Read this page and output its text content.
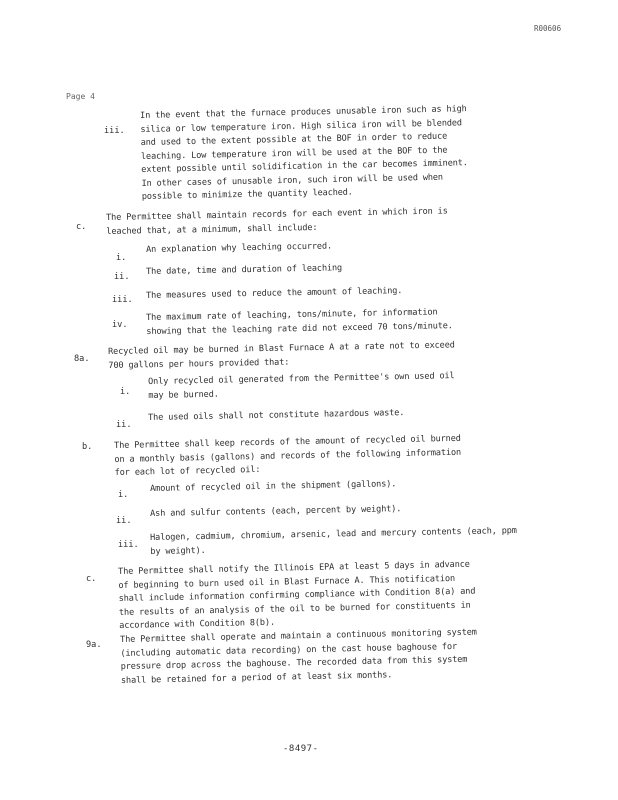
R00606
Page 4
iii.
In the event that the furnace produces unusable iron such as high
silica or low temperature iron. High silica iron will be blended
and used to the extent possible at the BOF in order to reduce
leaching. Low temperature iron will be used at the BOF to the
extent possible until solidification in the car becomes imminent.
In other cases of unusable iron, such iron will be used when
possible to minimize the quantity leached.
c.
The Permittee shall maintain records for each event in which iron is
leached that, at a minimum, shall include:
i.
An explanation why leaching occurred.
ii.
The date, time and duration of leaching
iii. The measures used to reduce the amount of leaching.
iv.
The maximum rate of leaching, tons/minute, for information
showing that the leaching rate did not exceed 70 tons/minute.
8a.
Recycled oil may be burned in Blast Furnace A at a rate not to exceed
700 gallons per hours provided that:
i.
Only recycled oil generated from the Permittee's own used oil
may be burned.
ii.
The used oils shall not constitute hazardous waste.
b.	The Permittee shall keep records of the amount of recycled oil burned
on a monthly basis (gallons) and records of the following information
for each lot of recycled oil:
i.
Amount of recycled oil in the shipment (gallons).
ii.
Ash and sulfur contents (each, percent by weight).
iii.
Halogen, cadmium, chromium, arsenic, lead and mercury contents (each, ppm
by weight).
c.
The Permittee shall notify the Illinois EPA at least 5 days in advance
of beginning to burn used oil in Blast Furnace A. This notification
shall include information confirming compliance with Condition 8(a) and
the results of an analysis of the oil to be burned for constituents in
accordance with Condition 8(b).
9a.
The Permittee shall operate and maintain a continuous monitoring system
(including automatic data recording) on the cast house baghouse for
pressure drop across the baghouse. The recorded data from this system
shall be retained for a period of at least six months.
-8497-
